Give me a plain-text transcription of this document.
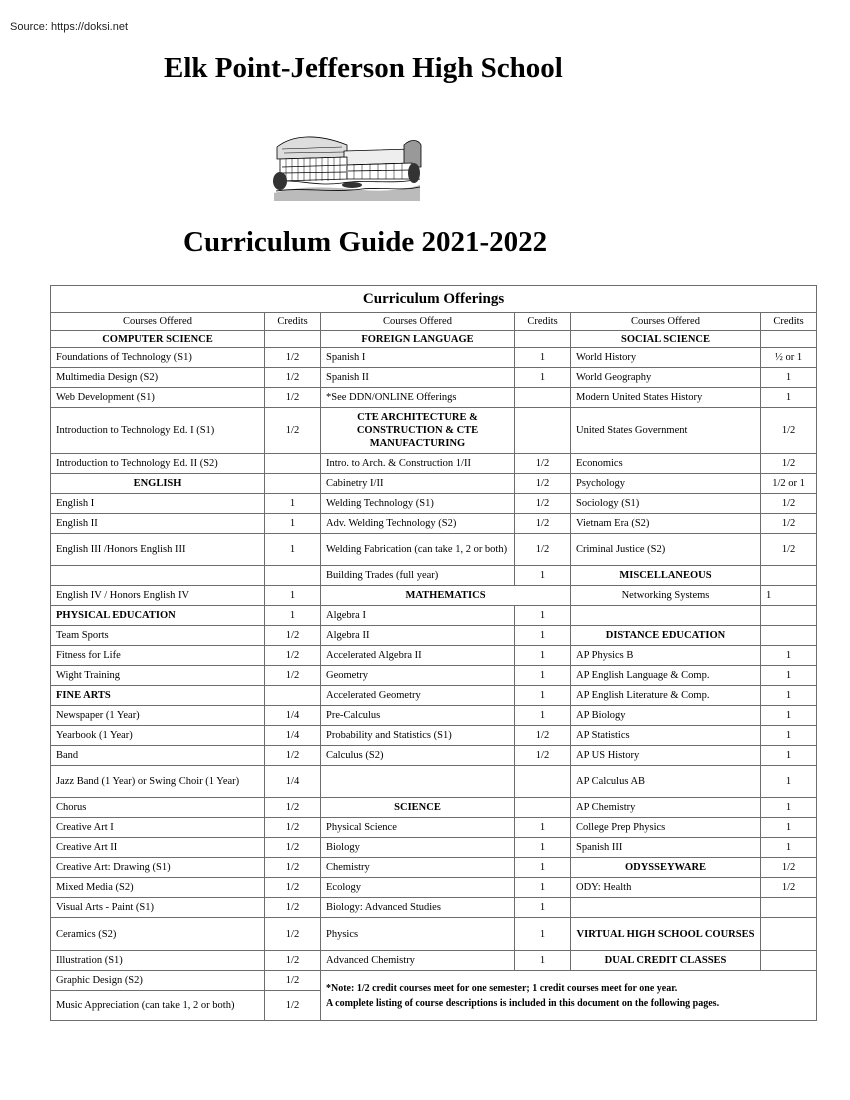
Source: https://doksi.net
Elk Point-Jefferson High School
Curriculum Guide 2021-2022
Curriculum Offerings					
Courses Offered	Credits	Courses Offered	Credits	Courses Offered	Credits
COMPUTER SCIENCE		FOREIGN LANGUAGE		SOCIAL SCIENCE	
Foundations of Technology (S1)	1/2	Spanish I	1	World History	½ or 1
Multimedia Design (S2)	1/2	Spanish II	1	World Geography	1
Web Development (S1)	1/2	*See DDN/ONLINE Offerings		Modern United States History	1
Introduction to Technology Ed. I (S1)	1/2	CTE ARCHITECTURE & CONSTRUCTION & CTE MANUFACTURING		United States Government	1/2
Introduction to Technology Ed. II (S2)		Intro. to Arch. & Construction 1/II	1/2	Economics	1/2
ENGLISH		Cabinetry I/II	1/2	Psychology	1/2 or 1
English I	1	Welding Technology (S1)	1/2	Sociology (S1)	1/2
English II	1	Adv. Welding Technology (S2)	1/2	Vietnam Era (S2)	1/2
English III /Honors English III	1	Welding Fabrication (can take 1, 2 or both)	1/2	Criminal Justice (S2)	1/2
		Building Trades (full year)	1	MISCELLANEOUS	
English IV / Honors English IV	1	MATHEMATICS		Networking Systems	1
PHYSICAL EDUCATION	1	Algebra I	1		
Team Sports	1/2	Algebra II	1	DISTANCE EDUCATION	
Fitness for Life	1/2	Accelerated Algebra II	1	AP Physics B	1
Wight Training	1/2	Geometry	1	AP English Language & Comp.	1
FINE ARTS		Accelerated Geometry	1	AP English Literature & Comp.	1
Newspaper (1 Year)	1/4	Pre-Calculus	1	AP Biology	1
Yearbook (1 Year)	1/4	Probability and Statistics (S1)	1/2	AP Statistics	1
Band	1/2	Calculus (S2)	1/2	AP US History	1
Jazz Band (1 Year) or Swing Choir (1 Year)	1/4			AP Calculus AB	1
Chorus	1/2	SCIENCE		AP Chemistry	1
Creative Art I	1/2	Physical Science	1	College Prep Physics	1
Creative Art II	1/2	Biology	1	Spanish III	1
Creative Art: Drawing (S1)	1/2	Chemistry	1	ODYSSEYWARE	1/2
Mixed Media (S2)	1/2	Ecology	1	ODY: Health	1/2
Visual Arts - Paint (S1)	1/2	Biology: Advanced Studies	1		
Ceramics (S2)	1/2	Physics	1	VIRTUAL HIGH SCHOOL COURSES	
Illustration (S1)	1/2	Advanced Chemistry	1	DUAL CREDIT CLASSES	
Graphic Design (S2)	1/2	*Note: 1/2 credit courses meet for one semester; 1 credit courses meet for one year.
A complete listing of course descriptions is included in this document on the following pages.			

Music Appreciation (can take 1, 2 or both)	1/2				
